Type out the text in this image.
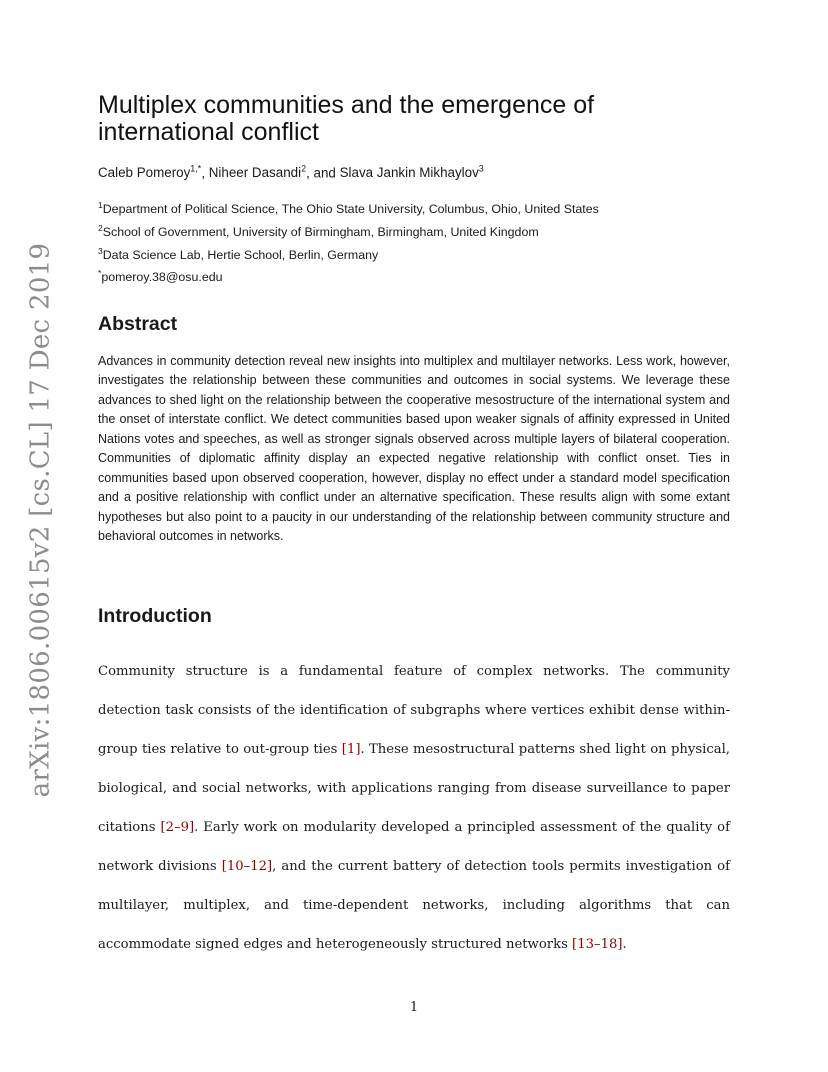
arXiv:1806.00615v2 [cs.CL] 17 Dec 2019
Multiplex communities and the emergence of international conflict
Caleb Pomeroy$^{1,*}$, Niheer Dasandi$^2$, and Slava Jankin Mikhaylov$^3$
$^1$Department of Political Science, The Ohio State University, Columbus, Ohio, United States
$^2$School of Government, University of Birmingham, Birmingham, United Kingdom
$^3$Data Science Lab, Hertie School, Berlin, Germany
*pomeroy.38@osu.edu
Abstract

Advances in community detection reveal new insights into multiplex and multilayer networks. Less work, however, investigates the relationship between these communities and outcomes in social systems. We leverage these advances to shed light on the relationship between the cooperative mesostructure of the international system and the onset of interstate conflict. We detect communities based upon weaker signals of affinity expressed in United Nations votes and speeches, as well as stronger signals observed across multiple layers of bilateral cooperation. Communities of diplomatic affinity display an expected negative relationship with conflict onset. Ties in communities based upon observed cooperation, however, display no effect under a standard model specification and a positive relationship with conflict under an alternative specification. These results align with some extant hypotheses but also point to a paucity in our understanding of the relationship between community structure and behavioral outcomes in networks.

Introduction

Community structure is a fundamental feature of complex networks. The community detection task consists of the identification of subgraphs where vertices exhibit dense within-group ties relative to out-group ties [1]. These mesostructural patterns shed light on physical, biological, and social networks, with applications ranging from disease surveillance to paper citations [2–9]. Early work on modularity developed a principled assessment of the quality of network divisions [10–12], and the current battery of detection tools permits investigation of multilayer, multiplex, and time-dependent networks, including algorithms that can accommodate signed edges and heterogeneously structured networks [13–18].

1
